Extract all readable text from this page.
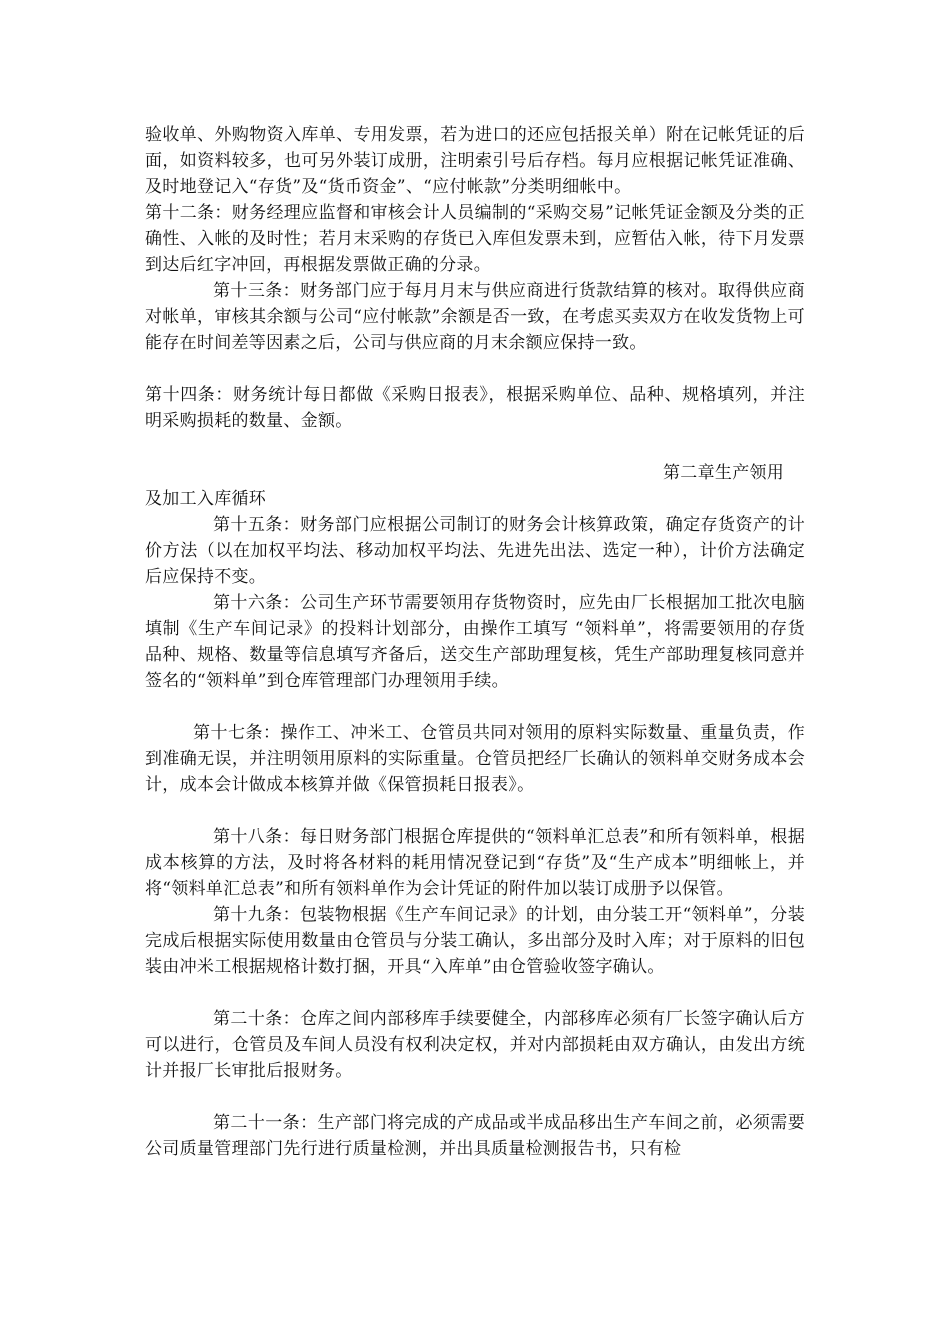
验收单、外购物资入库单、专用发票，若为进口的还应包括报关单）附在记帐凭证的后面，如资料较多，也可另外装订成册，注明索引号后存档。每月应根据记帐凭证准确、及时地登记入“存货”及“货币资金”、“应付帐款”分类明细帐中。

第十二条：财务经理应监督和审核会计人员编制的“采购交易”记帐凭证金额及分类的正确性、入帐的及时性；若月末采购的存货已入库但发票未到，应暂估入帐，待下月发票到达后红字冲回，再根据发票做正确的分录。

第十三条：财务部门应于每月月末与供应商进行货款结算的核对。取得供应商对帐单，审核其余额与公司“应付帐款”余额是否一致，在考虑买卖双方在收发货物上可能存在时间差等因素之后，公司与供应商的月末余额应保持一致。

第十四条：财务统计每日都做《采购日报表》，根据采购单位、品种、规格填列，并注明采购损耗的数量、金额。

第二章生产领用

及加工入库循环

第十五条：财务部门应根据公司制订的财务会计核算政策，确定存货资产的计价方法（以在加权平均法、移动加权平均法、先进先出法、选定一种），计价方法确定后应保持不变。

第十六条：公司生产环节需要领用存货物资时，应先由厂长根据加工批次电脑填制《生产车间记录》的投料计划部分，由操作工填写 “领料单”，将需要领用的存货品种、规格、数量等信息填写齐备后，送交生产部助理复核，凭生产部助理复核同意并签名的“领料单”到仓库管理部门办理领用手续。

第十七条：操作工、冲米工、仓管员共同对领用的原料实际数量、重量负责，作到准确无误，并注明领用原料的实际重量。仓管员把经厂长确认的领料单交财务成本会计，成本会计做成本核算并做《保管损耗日报表》。

第十八条：每日财务部门根据仓库提供的“领料单汇总表”和所有领料单，根据成本核算的方法，及时将各材料的耗用情况登记到“存货”及“生产成本”明细帐上，并将“领料单汇总表”和所有领料单作为会计凭证的附件加以装订成册予以保管。

第十九条：包装物根据《生产车间记录》的计划，由分装工开“领料单”，分装完成后根据实际使用数量由仓管员与分装工确认，多出部分及时入库；对于原料的旧包装由冲米工根据规格计数打捆，开具“入库单”由仓管验收签字确认。

第二十条：仓库之间内部移库手续要健全，内部移库必须有厂长签字确认后方可以进行，仓管员及车间人员没有权利决定权，并对内部损耗由双方确认，由发出方统计并报厂长审批后报财务。

第二十一条：生产部门将完成的产成品或半成品移出生产车间之前，必须需要公司质量管理部门先行进行质量检测，并出具质量检测报告书，只有检
